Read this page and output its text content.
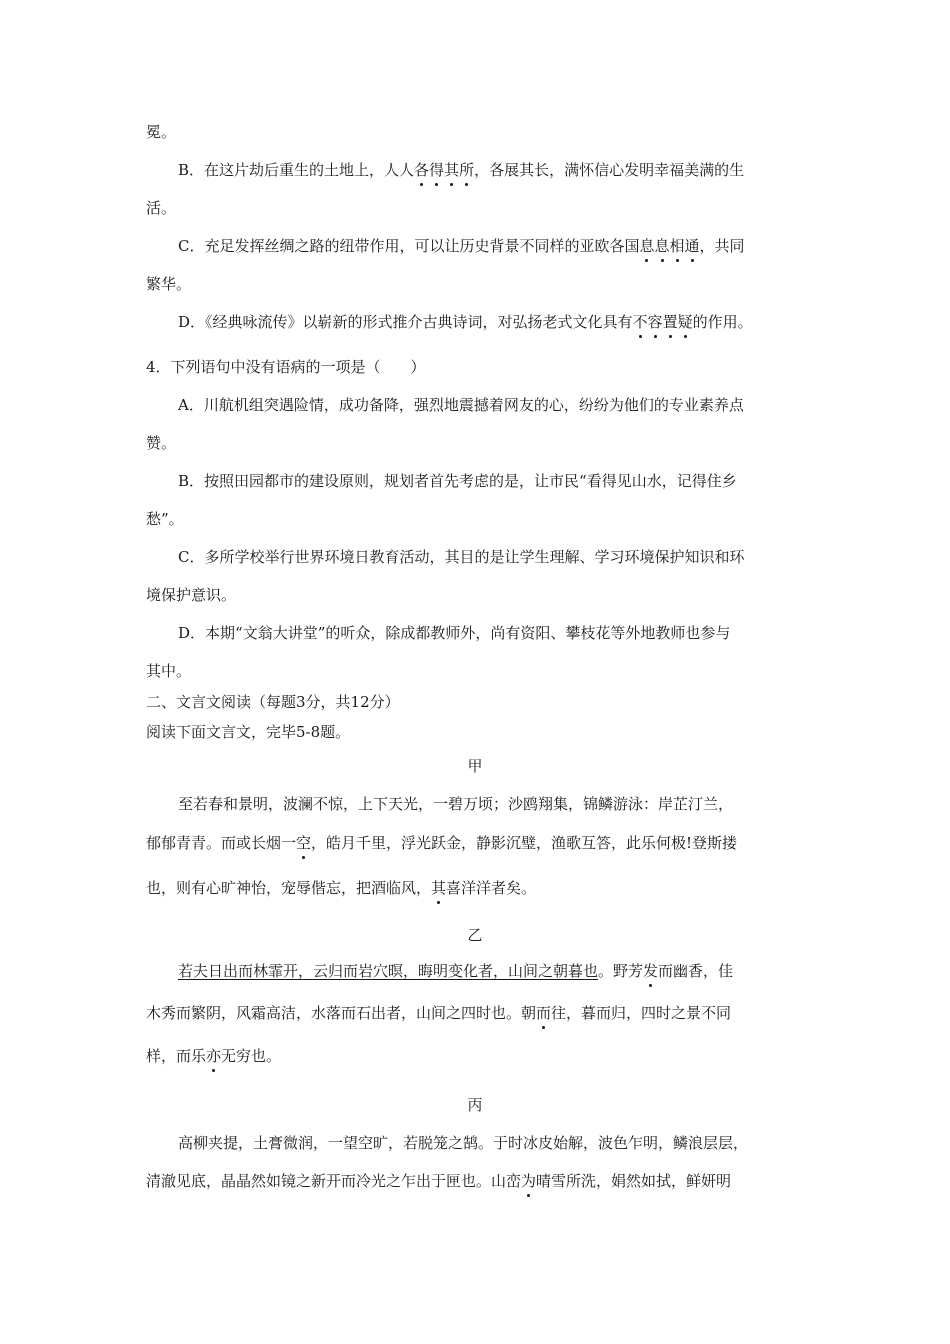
冕。
B．在这片劫后重生的土地上，人人各得其所，各展其长，满怀信心发明幸福美满的生
活。
C．充足发挥丝绸之路的纽带作用，可以让历史背景不同样的亚欧各国息息相通，共同
繁华。
D．《经典咏流传》以崭新的形式推介古典诗词，对弘扬老式文化具有不容置疑的作用。
4．下列语句中没有语病的一项是（　　）
A．川航机组突遇险情，成功备降，强烈地震撼着网友的心，纷纷为他们的专业素养点
赞。
B．按照田园都市的建设原则，规划者首先考虑的是，让市民“看得见山水，记得住乡
愁”。
C．多所学校举行世界环境日教育活动，其目的是让学生理解、学习环境保护知识和环
境保护意识。
D．本期“文翁大讲堂”的听众，除成都教师外，尚有资阳、攀枝花等外地教师也参与
其中。
二、文言文阅读（每题3分，共12分）
阅读下面文言文，完毕5-8题。
甲
至若春和景明，波澜不惊，上下天光，一碧万顷；沙鸥翔集，锦鳞游泳：岸芷汀兰，
郁郁青青。而或长烟一空，皓月千里，浮光跃金，静影沉璧，渔歌互答，此乐何极!登斯搂
也，则有心旷神怡，宠辱偕忘，把酒临风，其喜洋洋者矣。
乙
若夫日出而林霏开，云归而岩穴暝，晦明变化者，山间之朝暮也。野芳发而幽香，佳
木秀而繁阴，风霜高洁，水落而石出者，山间之四时也。朝而往，暮而归，四时之景不同
样，而乐亦无穷也。
丙
高柳夹提，土膏微润，一望空旷，若脱笼之鹄。于时冰皮始解，波色乍明，鳞浪层层，
清澈见底，晶晶然如镜之新开而冷光之乍出于匣也。山峦为晴雪所洗，娟然如拭，鲜妍明
